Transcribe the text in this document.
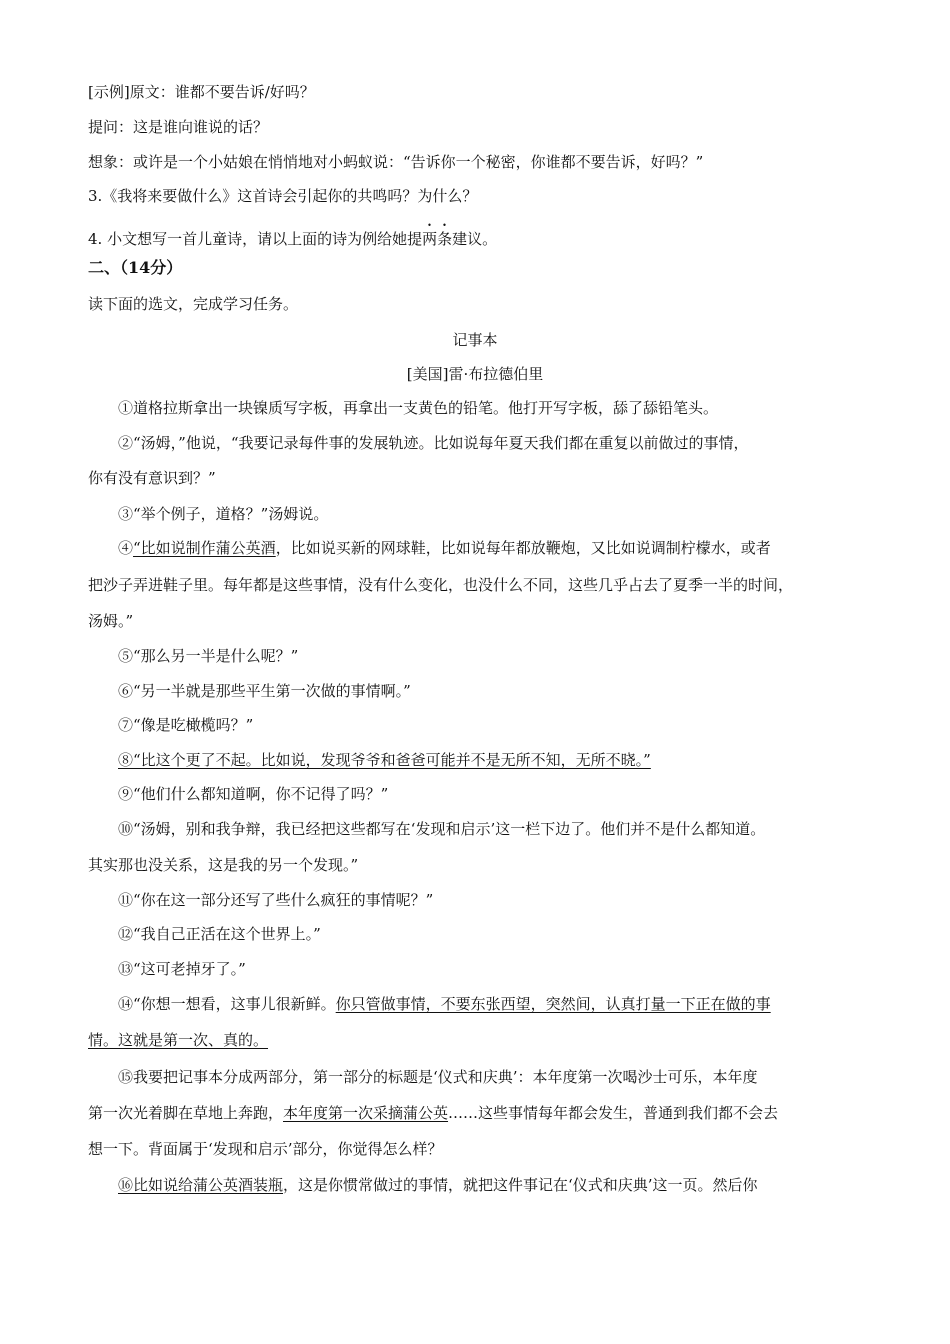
[示例]原文：谁都不要告诉/好吗？
提问：这是谁向谁说的话？
想象：或许是一个小姑娘在悄悄地对小蚂蚁说：“告诉你一个秘密，你谁都不要告诉，好吗？”
3.《我将来要做什么》这首诗会引起你的共鸣吗？为什么？
4. 小文想写一首儿童诗，请以上面的诗为例给她提两条建议。
二、（14分）
读下面的选文，完成学习任务。
记事本
[美国]雷·布拉德伯里
①道格拉斯拿出一块镍质写字板，再拿出一支黄色的铅笔。他打开写字板，舔了舔铅笔头。
②“汤姆，”他说，“我要记录每件事的发展轨迹。比如说每年夏天我们都在重复以前做过的事情，
你有没有意识到？”
③“举个例子，道格？”汤姆说。
④“比如说制作蒲公英酒，比如说买新的网球鞋，比如说每年都放鞭炮，又比如说调制柠檬水，或者
把沙子弄进鞋子里。每年都是这些事情，没有什么变化，也没什么不同，这些几乎占去了夏季一半的时间，
汤姆。”
⑤“那么另一半是什么呢？”
⑥“另一半就是那些平生第一次做的事情啊。”
⑦“像是吃橄榄吗？”
⑧“比这个更了不起。比如说，发现爷爷和爸爸可能并不是无所不知，无所不晓。”
⑨“他们什么都知道啊，你不记得了吗？”
⑩“汤姆，别和我争辩，我已经把这些都写在‘发现和启示’这一栏下边了。他们并不是什么都知道。
其实那也没关系，这是我的另一个发现。”
⑪“你在这一部分还写了些什么疯狂的事情呢？”
⑫“我自己正活在这个世界上。”
⑬“这可老掉牙了。”
⑭“你想一想看，这事儿很新鲜。你只管做事情，不要东张西望，突然间，认真打量一下正在做的事
情。这就是第一次、真的。
⑮我要把记事本分成两部分，第一部分的标题是‘仪式和庆典’：本年度第一次喝沙士可乐，本年度
第一次光着脚在草地上奔跑，本年度第一次采摘蒲公英……这些事情每年都会发生，普通到我们都不会去
想一下。背面属于‘发现和启示’部分，你觉得怎么样？
⑯比如说给蒲公英酒装瓶，这是你惯常做过的事情，就把这件事记在‘仪式和庆典’这一页。然后你
